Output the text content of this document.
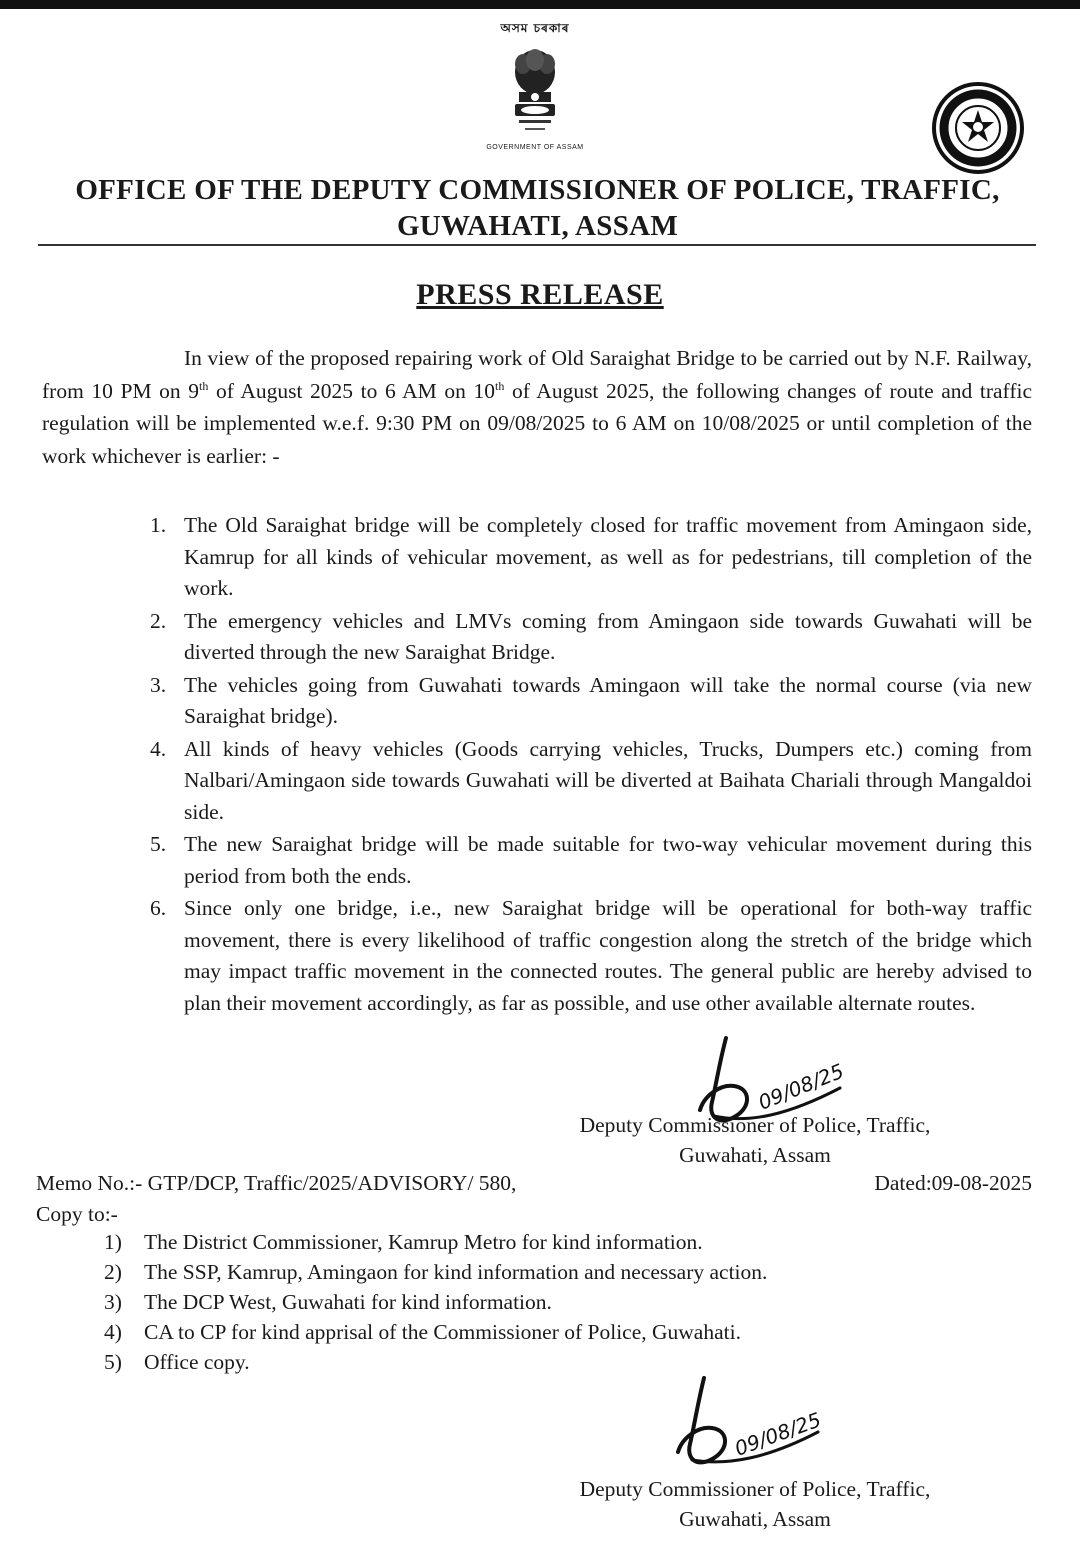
অসম চৰকাৰ
GOVERNMENT OF ASSAM
OFFICE OF THE DEPUTY COMMISSIONER OF POLICE, TRAFFIC,
GUWAHATI, ASSAM
PRESS RELEASE
In view of the proposed repairing work of Old Saraighat Bridge to be carried out by N.F. Railway, from 10 PM on 9th of August 2025 to 6 AM on 10th of August 2025, the following changes of route and traffic regulation will be implemented w.e.f. 9:30 PM on 09/08/2025 to 6 AM on 10/08/2025 or until completion of the work whichever is earlier: -
1. The Old Saraighat bridge will be completely closed for traffic movement from Amingaon side, Kamrup for all kinds of vehicular movement, as well as for pedestrians, till completion of the work.
2. The emergency vehicles and LMVs coming from Amingaon side towards Guwahati will be diverted through the new Saraighat Bridge.
3. The vehicles going from Guwahati towards Amingaon will take the normal course (via new Saraighat bridge).
4. All kinds of heavy vehicles (Goods carrying vehicles, Trucks, Dumpers etc.) coming from Nalbari/Amingaon side towards Guwahati will be diverted at Baihata Chariali through Mangaldoi side.
5. The new Saraighat bridge will be made suitable for two-way vehicular movement during this period from both the ends.
6. Since only one bridge, i.e., new Saraighat bridge will be operational for both-way traffic movement, there is every likelihood of traffic congestion along the stretch of the bridge which may impact traffic movement in the connected routes. The general public are hereby advised to plan their movement accordingly, as far as possible, and use other available alternate routes.
09/08/25
Deputy Commissioner of Police, Traffic,
Guwahati, Assam
Memo No.:- GTP/DCP, Traffic/2025/ADVISORY/ 580,	Dated:09-08-2025
Copy to:-
1) The District Commissioner, Kamrup Metro for kind information.
2) The SSP, Kamrup, Amingaon for kind information and necessary action.
3) The DCP West, Guwahati for kind information.
4) CA to CP for kind apprisal of the Commissioner of Police, Guwahati.
5) Office copy.
09/08/25
Deputy Commissioner of Police, Traffic,
Guwahati, Assam
